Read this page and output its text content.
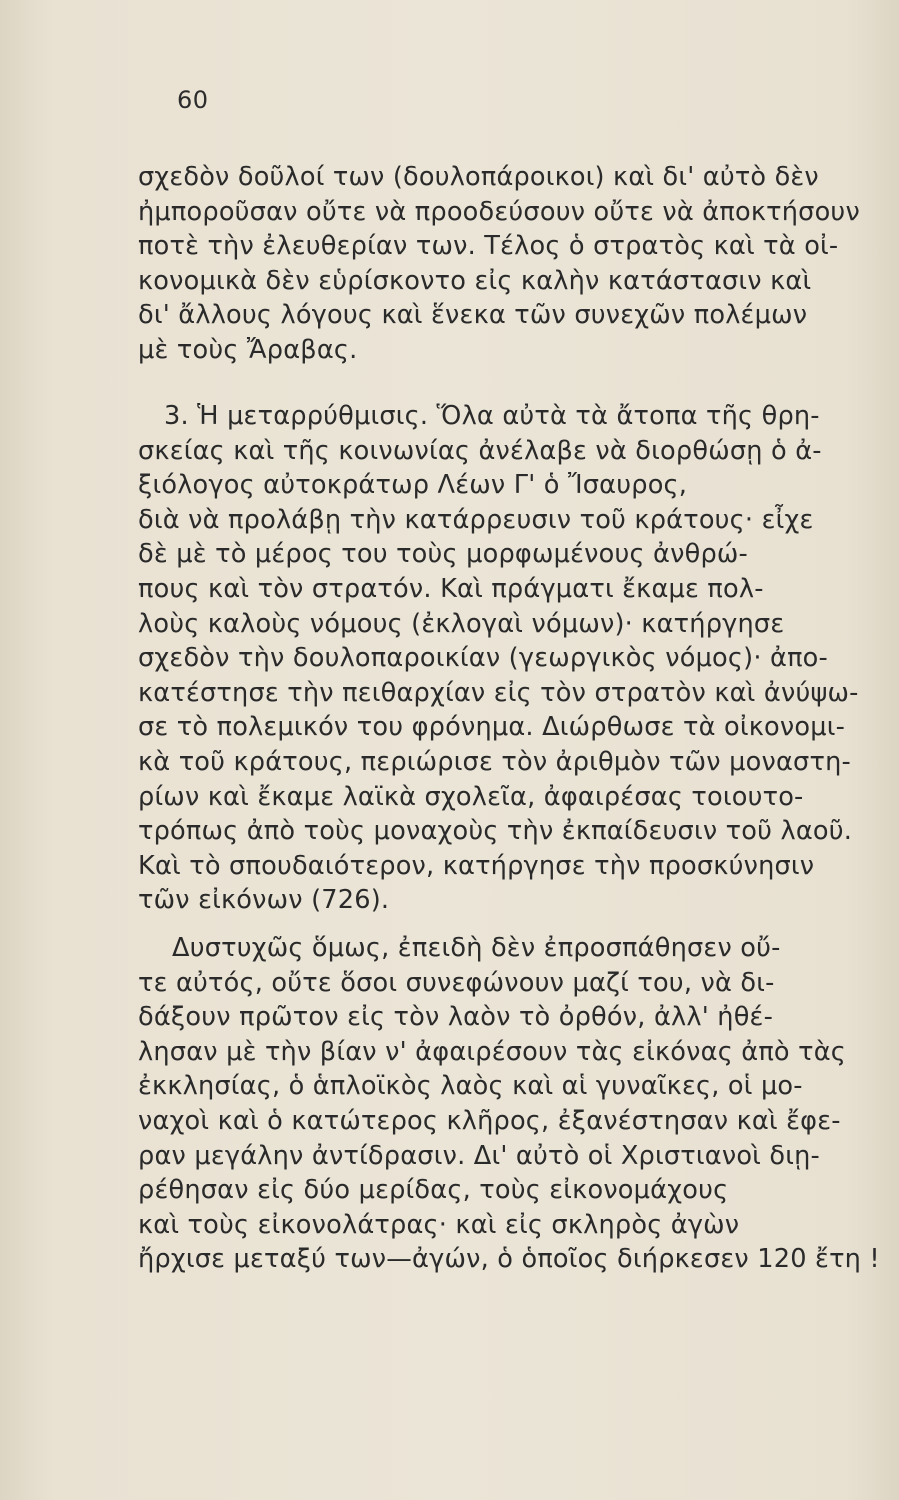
60
σχεδὸν δοῦλοί των (δουλοπάροικοι) καὶ δι' αὐτὸ δὲν
ἠμποροῦσαν οὔτε νὰ προοδεύσουν οὔτε νὰ ἀποκτήσουν
ποτὲ τὴν ἐλευθερίαν των. Τέλος ὁ στρατὸς καὶ τὰ οἰ-
κονομικὰ δὲν εὑρίσκοντο εἰς καλὴν κατάστασιν καὶ
δι' ἄλλους λόγους καὶ ἕνεκα τῶν συνεχῶν πολέμων
μὲ τοὺς Ἄραβας.
3. Ἡ μεταρρύθμισις. Ὅλα αὐτὰ τὰ ἄτοπα τῆς θρη-
σκείας καὶ τῆς κοινωνίας ἀνέλαβε νὰ διορθώσῃ ὁ ἀ-
ξιόλογος αὐτοκράτωρ Λέων Γ' ὁ Ἴσαυρος,
διὰ νὰ προλάβῃ τὴν κατάρρευσιν τοῦ κράτους· εἶχε
δὲ μὲ τὸ μέρος του τοὺς μορφωμένους ἀνθρώ-
πους καὶ τὸν στρατόν. Καὶ πράγματι ἔκαμε πολ-
λοὺς καλοὺς νόμους (ἐκλογαὶ νόμων)· κατήργησε
σχεδὸν τὴν δουλοπαροικίαν (γεωργικὸς νόμος)· ἀπο-
κατέστησε τὴν πειθαρχίαν εἰς τὸν στρατὸν καὶ ἀνύψω-
σε τὸ πολεμικόν του φρόνημα. Διώρθωσε τὰ οἰκονομι-
κὰ τοῦ κράτους, περιώρισε τὸν ἀριθμὸν τῶν μοναστη-
ρίων καὶ ἔκαμε λαϊκὰ σχολεῖα, ἀφαιρέσας τοιουτο-
τρόπως ἀπὸ τοὺς μοναχοὺς τὴν ἐκπαίδευσιν τοῦ λαοῦ.
Καὶ τὸ σπουδαιότερον, κατήργησε τὴν προσκύνησιν
τῶν εἰκόνων (726).
Δυστυχῶς ὅμως, ἐπειδὴ δὲν ἐπροσπάθησεν οὔ-
τε αὐτός, οὔτε ὅσοι συνεφώνουν μαζί του, νὰ δι-
δάξουν πρῶτον εἰς τὸν λαὸν τὸ ὀρθόν, ἀλλ' ἠθέ-
λησαν μὲ τὴν βίαν ν' ἀφαιρέσουν τὰς εἰκόνας ἀπὸ τὰς
ἐκκλησίας, ὁ ἁπλοϊκὸς λαὸς καὶ αἱ γυναῖκες, οἱ μο-
ναχοὶ καὶ ὁ κατώτερος κλῆρος, ἐξανέστησαν καὶ ἔφε-
ραν μεγάλην ἀντίδρασιν. Δι' αὐτὸ οἱ Χριστιανοὶ διῃ-
ρέθησαν εἰς δύο μερίδας, τοὺς εἰκονομάχους
καὶ τοὺς εἰκονολάτρας· καὶ εἰς σκληρὸς ἀγὼν
ἤρχισε μεταξύ των—ἀγών, ὁ ὁποῖος διήρκεσεν 120 ἔτη !
